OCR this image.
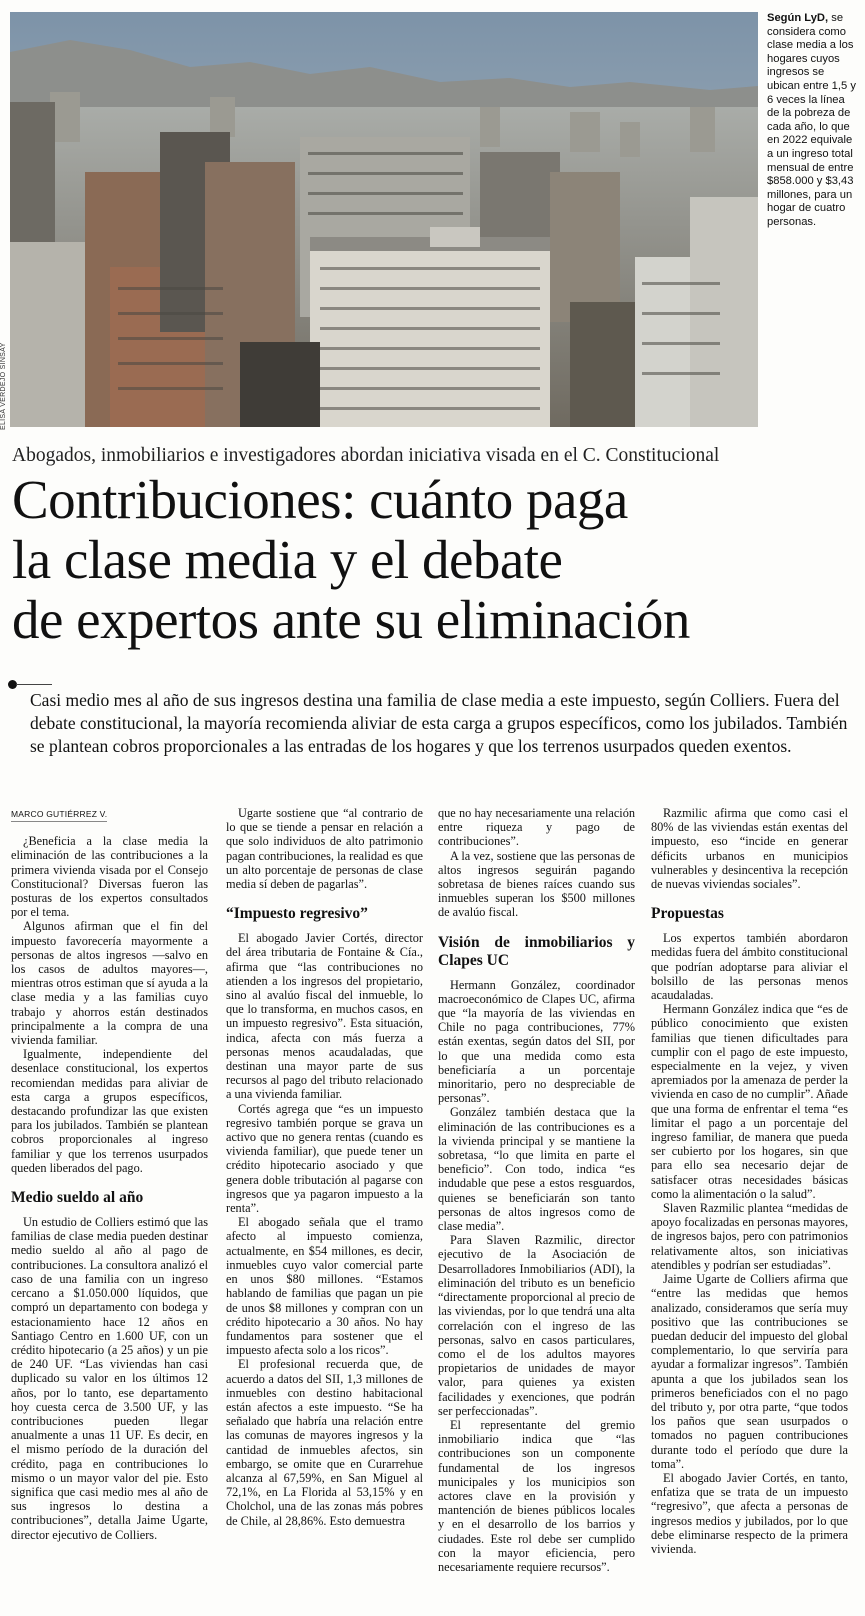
ELISA VERDEJO SINSAY
Según LyD, se considera como clase media a los hogares cuyos ingresos se ubican entre 1,5 y 6 veces la línea de la pobreza de cada año, lo que en 2022 equivale a un ingreso total mensual de entre $858.000 y $3,43 millones, para un hogar de cuatro personas.
Abogados, inmobiliarios e investigadores abordan iniciativa visada en el C. Constitucional
Contribuciones: cuánto paga
la clase media y el debate
de expertos ante su eliminación
Casi medio mes al año de sus ingresos destina una familia de clase media a este impuesto, según Colliers. Fuera del debate constitucional, la mayoría recomienda aliviar de esta carga a grupos específicos, como los jubilados. También se plantean cobros proporcionales a las entradas de los hogares y que los terrenos usurpados queden exentos.
MARCO GUTIÉRREZ V.

¿Beneficia a la clase media la eliminación de las contribuciones a la primera vivienda visada por el Consejo Constitucional? Diversas fueron las posturas de los expertos consultados por el tema.

Algunos afirman que el fin del impuesto favorecería mayormente a personas de altos ingresos —salvo en los casos de adultos mayores—, mientras otros estiman que sí ayuda a la clase media y a las familias cuyo trabajo y ahorros están destinados principalmente a la compra de una vivienda familiar.

Igualmente, independiente del desenlace constitucional, los expertos recomiendan medidas para aliviar de esta carga a grupos específicos, destacando profundizar las que existen para los jubilados. También se plantean cobros proporcionales al ingreso familiar y que los terrenos usurpados queden liberados del pago.

Medio sueldo al año

Un estudio de Colliers estimó que las familias de clase media pueden destinar medio sueldo al año al pago de contribuciones. La consultora analizó el caso de una familia con un ingreso cercano a $1.050.000 líquidos, que compró un departamento con bodega y estacionamiento hace 12 años en Santiago Centro en 1.600 UF, con un crédito hipotecario (a 25 años) y un pie de 240 UF. “Las viviendas han casi duplicado su valor en los últimos 12 años, por lo tanto, ese departamento hoy cuesta cerca de 3.500 UF, y las contribuciones pueden llegar anualmente a unas 11 UF. Es decir, en el mismo período de la duración del crédito, paga en contribuciones lo mismo o un mayor valor del pie. Esto significa que casi medio mes al año de sus ingresos lo destina a contribuciones”, detalla Jaime Ugarte, director ejecutivo de Colliers.

Ugarte sostiene que “al contrario de lo que se tiende a pensar en relación a que solo individuos de alto patrimonio pagan contribuciones, la realidad es que un alto porcentaje de personas de clase media sí deben de pagarlas”.

“Impuesto regresivo”

El abogado Javier Cortés, director del área tributaria de Fontaine & Cía., afirma que “las contribuciones no atienden a los ingresos del propietario, sino al avalúo fiscal del inmueble, lo que lo transforma, en muchos casos, en un impuesto regresivo”. Esta situación, indica, afecta con más fuerza a personas menos acaudaladas, que destinan una mayor parte de sus recursos al pago del tributo relacionado a una vivienda familiar.

Cortés agrega que “es un impuesto regresivo también porque se grava un activo que no genera rentas (cuando es vivienda familiar), que puede tener un crédito hipotecario asociado y que genera doble tributación al pagarse con ingresos que ya pagaron impuesto a la renta”.

El abogado señala que el tramo afecto al impuesto comienza, actualmente, en $54 millones, es decir, inmuebles cuyo valor comercial parte en unos $80 millones. “Estamos hablando de familias que pagan un pie de unos $8 millones y compran con un crédito hipotecario a 30 años. No hay fundamentos para sostener que el impuesto afecta solo a los ricos”.

El profesional recuerda que, de acuerdo a datos del SII, 1,3 millones de inmuebles con destino habitacional están afectos a este impuesto. “Se ha señalado que habría una relación entre las comunas de mayores ingresos y la cantidad de inmuebles afectos, sin embargo, se omite que en Curarrehue alcanza al 67,59%, en San Miguel al 72,1%, en La Florida al 53,15% y en Cholchol, una de las zonas más pobres de Chile, al 28,86%. Esto demuestra

que no hay necesariamente una relación entre riqueza y pago de contribuciones”.

A la vez, sostiene que las personas de altos ingresos seguirán pagando sobretasa de bienes raíces cuando sus inmuebles superan los $500 millones de avalúo fiscal.

Visión de inmobiliarios y Clapes UC

Hermann González, coordinador macroeconómico de Clapes UC, afirma que “la mayoría de las viviendas en Chile no paga contribuciones, 77% están exentas, según datos del SII, por lo que una medida como esta beneficiaría a un porcentaje minoritario, pero no despreciable de personas”.

González también destaca que la eliminación de las contribuciones es a la vivienda principal y se mantiene la sobretasa, “lo que limita en parte el beneficio”. Con todo, indica “es indudable que pese a estos resguardos, quienes se beneficiarán son tanto personas de altos ingresos como de clase media”.

Para Slaven Razmilic, director ejecutivo de la Asociación de Desarrolladores Inmobiliarios (ADI), la eliminación del tributo es un beneficio “directamente proporcional al precio de las viviendas, por lo que tendrá una alta correlación con el ingreso de las personas, salvo en casos particulares, como el de los adultos mayores propietarios de unidades de mayor valor, para quienes ya existen facilidades y exenciones, que podrán ser perfeccionadas”.

El representante del gremio inmobiliario indica que “las contribuciones son un componente fundamental de los ingresos municipales y los municipios son actores clave en la provisión y mantención de bienes públicos locales y en el desarrollo de los barrios y ciudades. Este rol debe ser cumplido con la mayor eficiencia, pero necesariamente requiere recursos”.

Razmilic afirma que como casi el 80% de las viviendas están exentas del impuesto, eso “incide en generar déficits urbanos en municipios vulnerables y desincentiva la recepción de nuevas viviendas sociales”.

Propuestas

Los expertos también abordaron medidas fuera del ámbito constitucional que podrían adoptarse para aliviar el bolsillo de las personas menos acaudaladas.

Hermann González indica que “es de público conocimiento que existen familias que tienen dificultades para cumplir con el pago de este impuesto, especialmente en la vejez, y viven apremiados por la amenaza de perder la vivienda en caso de no cumplir”. Añade que una forma de enfrentar el tema “es limitar el pago a un porcentaje del ingreso familiar, de manera que pueda ser cubierto por los hogares, sin que para ello sea necesario dejar de satisfacer otras necesidades básicas como la alimentación o la salud”.

Slaven Razmilic plantea “medidas de apoyo focalizadas en personas mayores, de ingresos bajos, pero con patrimonios relativamente altos, son iniciativas atendibles y podrían ser estudiadas”.

Jaime Ugarte de Colliers afirma que “entre las medidas que hemos analizado, consideramos que sería muy positivo que las contribuciones se puedan deducir del impuesto del global complementario, lo que serviría para ayudar a formalizar ingresos”. También apunta a que los jubilados sean los primeros beneficiados con el no pago del tributo y, por otra parte, “que todos los paños que sean usurpados o tomados no paguen contribuciones durante todo el período que dure la toma”.

El abogado Javier Cortés, en tanto, enfatiza que se trata de un impuesto “regresivo”, que afecta a personas de ingresos medios y jubilados, por lo que debe eliminarse respecto de la primera vivienda.
